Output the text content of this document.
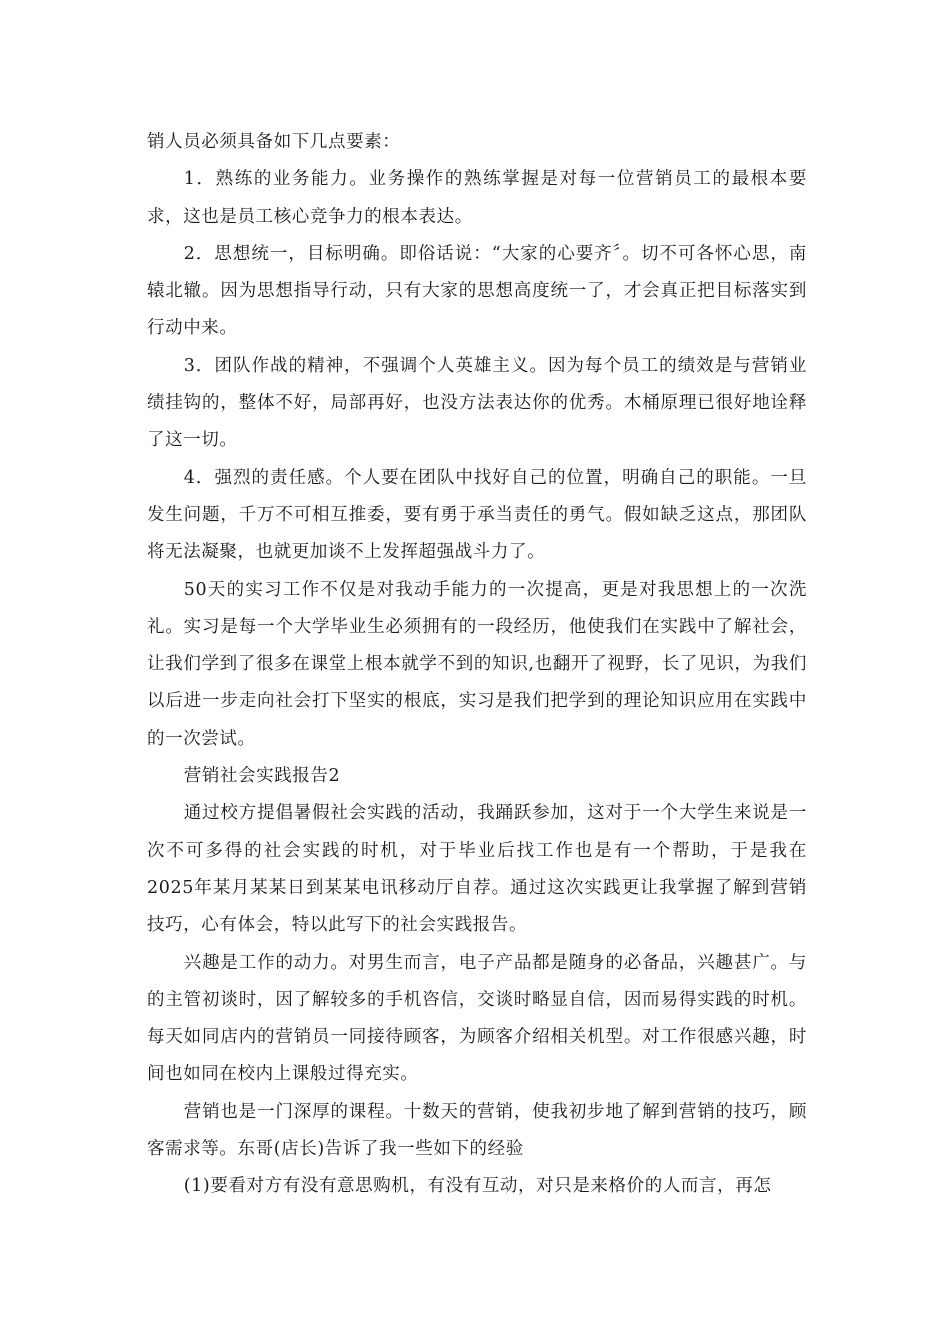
销人员必须具备如下几点要素：

1．熟练的业务能力。业务操作的熟练掌握是对每一位营销员工的最根本要求，这也是员工核心竞争力的根本表达。

2．思想统一，目标明确。即俗话说：“大家的心要齐〞。切不可各怀心思，南辕北辙。因为思想指导行动，只有大家的思想高度统一了，才会真正把目标落实到行动中来。

3．团队作战的精神，不强调个人英雄主义。因为每个员工的绩效是与营销业绩挂钩的，整体不好，局部再好，也没方法表达你的优秀。木桶原理已很好地诠释了这一切。

4．强烈的责任感。个人要在团队中找好自己的位置，明确自己的职能。一旦发生问题，千万不可相互推委，要有勇于承当责任的勇气。假如缺乏这点，那团队将无法凝聚，也就更加谈不上发挥超强战斗力了。

50天的实习工作不仅是对我动手能力的一次提高，更是对我思想上的一次洗礼。实习是每一个大学毕业生必须拥有的一段经历，他使我们在实践中了解社会，让我们学到了很多在课堂上根本就学不到的知识,也翻开了视野，长了见识，为我们以后进一步走向社会打下坚实的根底，实习是我们把学到的理论知识应用在实践中的一次尝试。

营销社会实践报告2

通过校方提倡暑假社会实践的活动，我踊跃参加，这对于一个大学生来说是一次不可多得的社会实践的时机，对于毕业后找工作也是有一个帮助，于是我在2025年某月某某日到某某电讯移动厅自荐。通过这次实践更让我掌握了解到营销技巧，心有体会，特以此写下的社会实践报告。

兴趣是工作的动力。对男生而言，电子产品都是随身的必备品，兴趣甚广。与的主管初谈时，因了解较多的手机咨信，交谈时略显自信，因而易得实践的时机。每天如同店内的营销员一同接待顾客，为顾客介绍相关机型。对工作很感兴趣，时间也如同在校内上课般过得充实。

营销也是一门深厚的课程。十数天的营销，使我初步地了解到营销的技巧，顾客需求等。东哥(店长)告诉了我一些如下的经验

(1)要看对方有没有意思购机，有没有互动，对只是来格价的人而言，再怎
